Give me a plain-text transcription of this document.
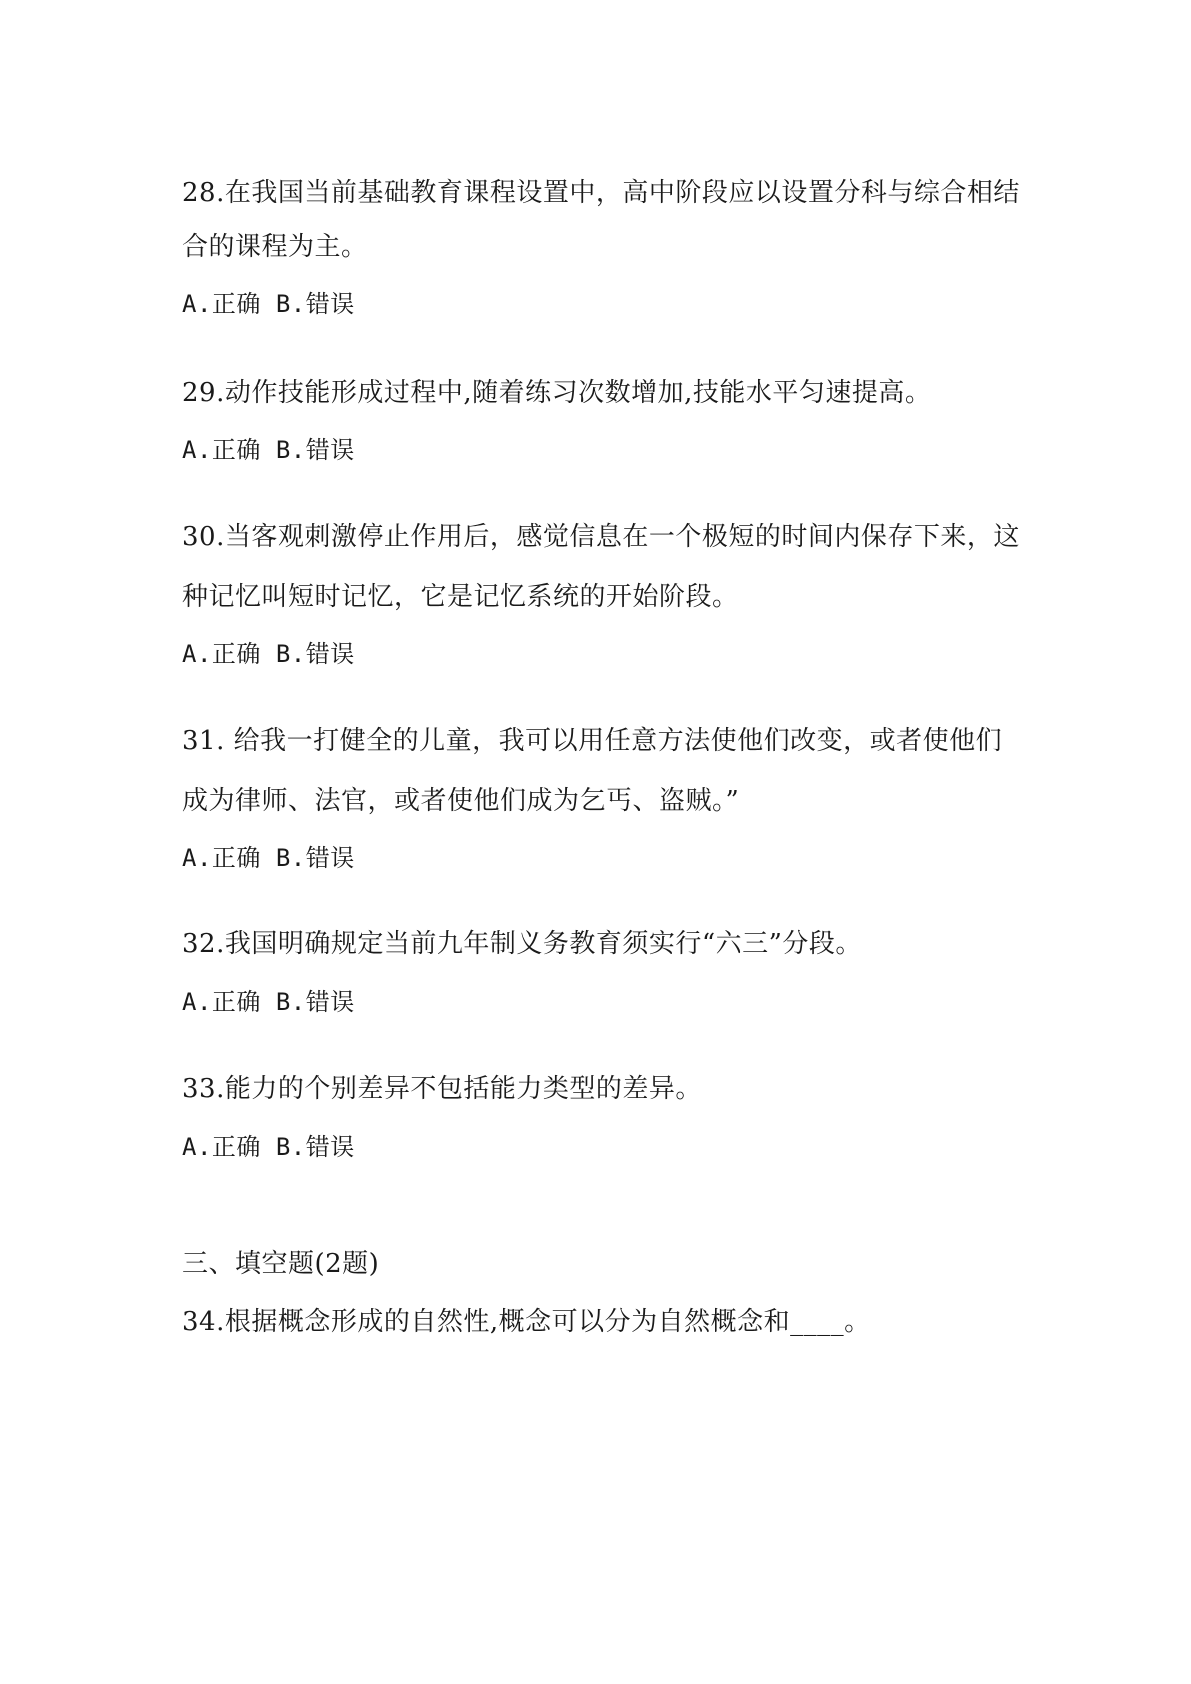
28.在我国当前基础教育课程设置中，高中阶段应以设置分科与综合相结
合的课程为主。
A.正确 B.错误
29.动作技能形成过程中,随着练习次数增加,技能水平匀速提高。
A.正确 B.错误
30.当客观刺激停止作用后，感觉信息在一个极短的时间内保存下来，这
种记忆叫短时记忆，它是记忆系统的开始阶段。
A.正确 B.错误
31. 给我一打健全的儿童，我可以用任意方法使他们改变，或者使他们
成为律师、法官，或者使他们成为乞丐、盗贼。”
A.正确 B.错误
32.我国明确规定当前九年制义务教育须实行“六三”分段。
A.正确 B.错误
33.能力的个别差异不包括能力类型的差异。
A.正确 B.错误
三、填空题(2题)
34.根据概念形成的自然性,概念可以分为自然概念和____。
